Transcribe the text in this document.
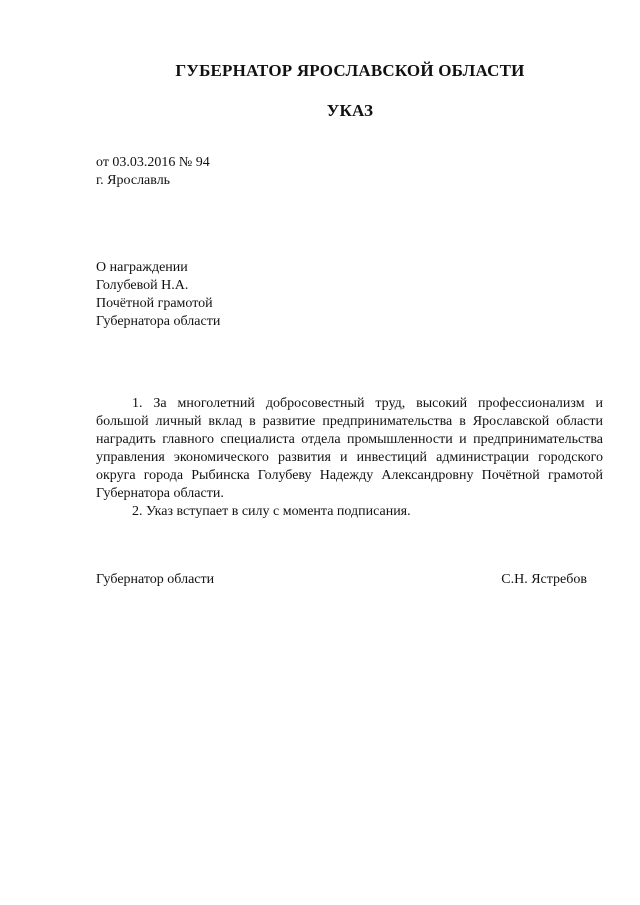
ГУБЕРНАТОР ЯРОСЛАВСКОЙ ОБЛАСТИ
УКАЗ
от 03.03.2016 № 94
г. Ярославль
О награждении
Голубевой Н.А.
Почётной грамотой
Губернатора области

1. За многолетний добросовестный труд, высокий профессионализм и большой личный вклад в развитие предпринимательства в Ярославской области наградить главного специалиста отдела промышленности и предпринимательства управления экономического развития и инвестиций администрации городского округа города Рыбинска Голубеву Надежду Александровну Почётной грамотой Губернатора области.

2. Указ вступает в силу с момента подписания.

Губернатор области	С.Н. Ястребов
